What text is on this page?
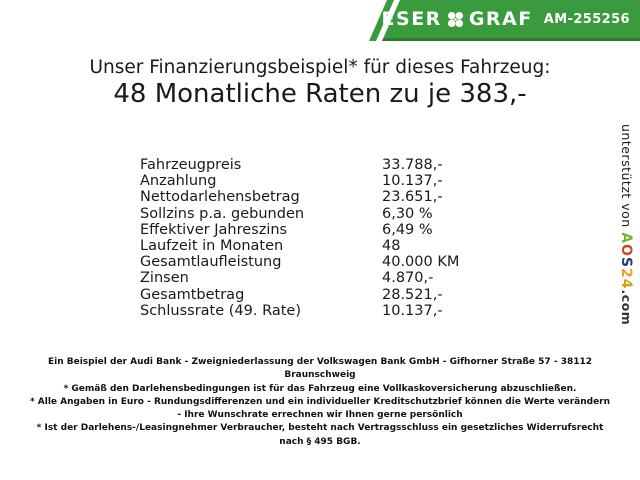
FESER GRAF AM-255256
Unser Finanzierungsbeispiel* für dieses Fahrzeug:
48 Monatliche Raten zu je 383,-
Fahrzeugpreis	33.788,-
Anzahlung	10.137,-
Nettodarlehensbetrag	23.651,-
Sollzins p.a. gebunden	6,30 %
Effektiver Jahreszins	6,49 %
Laufzeit in Monaten	48
Gesamtlaufleistung	40.000 KM
Zinsen	4.870,-
Gesamtbetrag	28.521,-
Schlussrate (49. Rate)	10.137,-
unterstützt von AOS24.com
Ein Beispiel der Audi Bank - Zweigniederlassung der Volkswagen Bank GmbH - Gifhorner Straße 57 - 38112
Braunschweig
* Gemäß den Darlehensbedingungen ist für das Fahrzeug eine Vollkaskoversicherung abzuschließen.
* Alle Angaben in Euro - Rundungsdifferenzen und ein individueller Kreditschutzbrief können die Werte verändern
- Ihre Wunschrate errechnen wir Ihnen gerne persönlich
* Ist der Darlehens-/Leasingnehmer Verbraucher, besteht nach Vertragsschluss ein gesetzliches Widerrufsrecht
nach § 495 BGB.
